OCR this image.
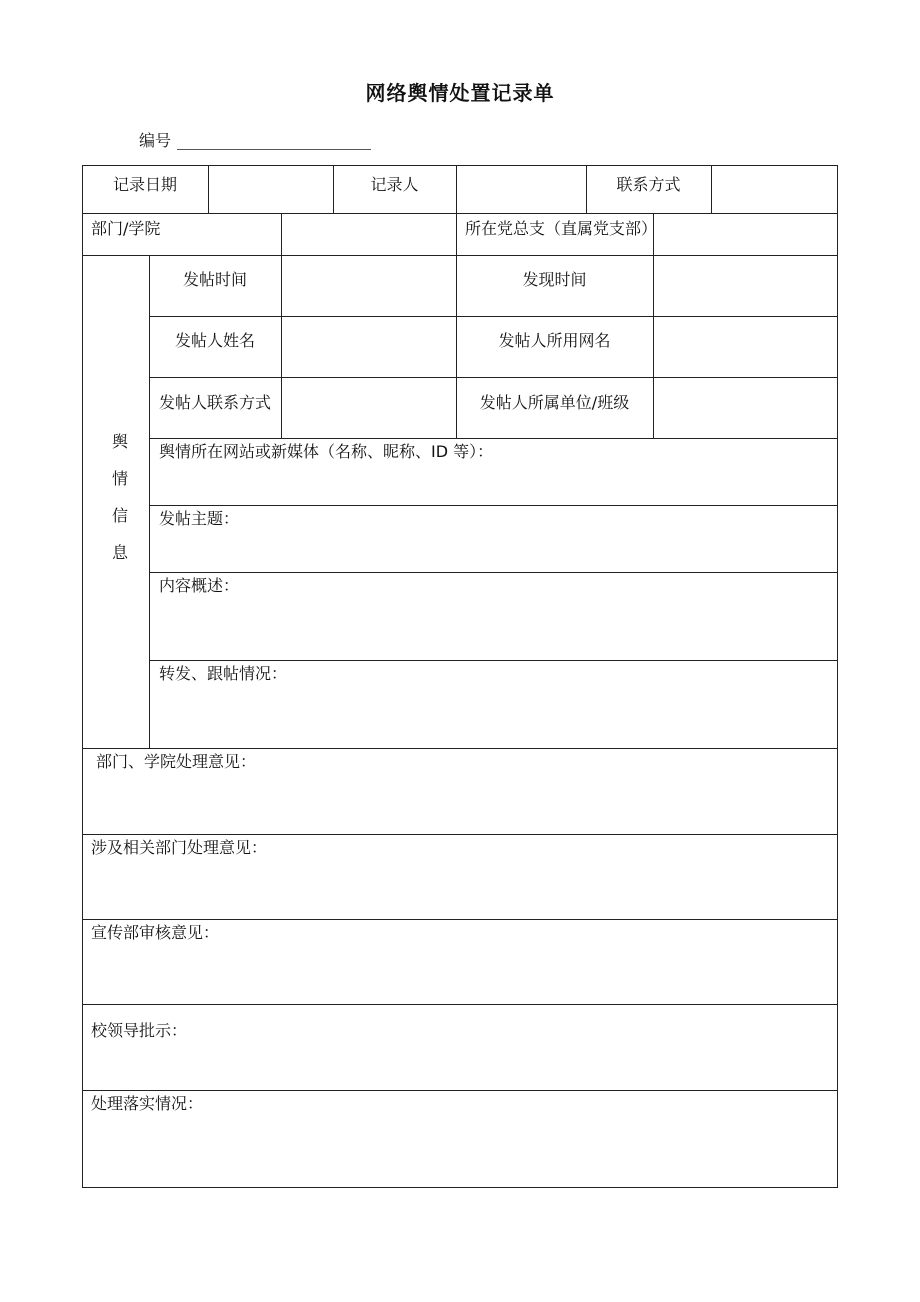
网络舆情处置记录单
编号
记录日期	记录人	联系方式
部门/学院	所在党总支（直属党支部）
舆
情
信
息
发帖时间	发现时间
发帖人姓名	发帖人所用网名
发帖人联系方式	发帖人所属单位/班级
舆情所在网站或新媒体（名称、昵称、ID 等）：
发帖主题：
内容概述：
转发、跟帖情况：
部门、学院处理意见：
涉及相关部门处理意见：
宣传部审核意见：
校领导批示：
处理落实情况：
